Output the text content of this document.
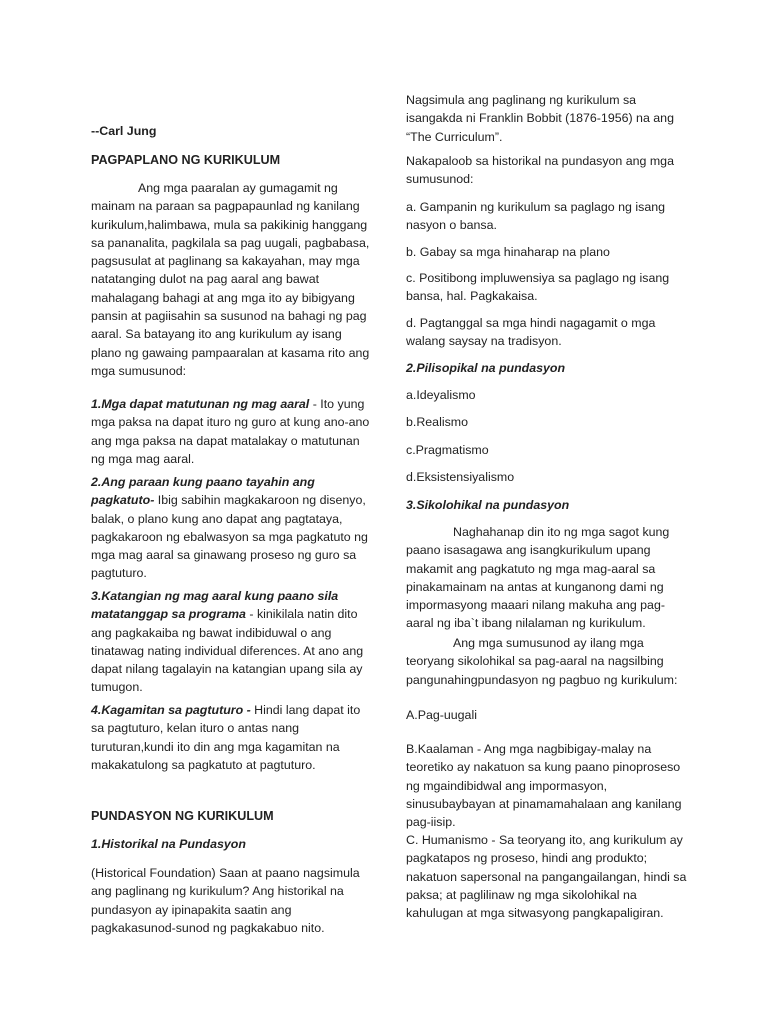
--Carl Jung

PAGPAPLANO NG KURIKULUM

Ang mga paaralan ay gumagamit ng mainam na paraan sa pagpapaunlad ng kanilang kurikulum,halimbawa, mula sa pakikinig hanggang sa pananalita, pagkilala sa pag uugali, pagbabasa, pagsusulat at paglinang sa kakayahan, may mga natatanging dulot na pag aaral ang bawat mahalagang bahagi at ang mga ito ay bibigyang pansin at pagiisahin sa susunod na bahagi ng pag aaral. Sa batayang ito ang kurikulum ay isang plano ng gawaing pampaaralan at kasama rito ang mga sumusunod:

1.Mga dapat matutunan ng mag aaral - Ito yung mga paksa na dapat ituro ng guro at kung ano-ano ang mga paksa na dapat matalakay o matutunan ng mga mag aaral.

2.Ang paraan kung paano tayahin ang pagkatuto- Ibig sabihin magkakaroon ng disenyo, balak, o plano kung ano dapat ang pagtataya, pagkakaroon ng ebalwasyon sa mga pagkatuto ng mga mag aaral sa ginawang proseso ng guro sa pagtuturo.

3.Katangian ng mag aaral kung paano sila matatanggap sa programa - kinikilala natin dito ang pagkakaiba ng bawat indibiduwal o ang tinatawag nating individual diferences. At ano ang dapat nilang tagalayin na katangian upang sila ay tumugon.

4.Kagamitan sa pagtuturo - Hindi lang dapat ito sa pagtuturo, kelan ituro o antas nang turuturan,kundi ito din ang mga kagamitan na makakatulong sa pagkatuto at pagtuturo.

PUNDASYON NG KURIKULUM

1.Historikal na Pundasyon

(Historical Foundation) Saan at paano nagsimula ang paglinang ng kurikulum? Ang historikal na pundasyon ay ipinapakita saatin ang pagkakasunod-sunod ng pagkakabuo nito.

Nagsimula ang paglinang ng kurikulum sa isangakda ni Franklin Bobbit (1876-1956) na ang “The Curriculum”.

Nakapaloob sa historikal na pundasyon ang mga sumusunod:

a. Gampanin ng kurikulum sa paglago ng isang nasyon o bansa.

b. Gabay sa mga hinaharap na plano

c. Positibong impluwensiya sa paglago ng isang bansa, hal. Pagkakaisa.

d. Pagtanggal sa mga hindi nagagamit o mga walang saysay na tradisyon.

2.Pilisopikal na pundasyon

a.Ideyalismo

b.Realismo

c.Pragmatismo

d.Eksistensiyalismo

3.Sikolohikal na pundasyon

Naghahanap din ito ng mga sagot kung paano isasagawa ang isangkurikulum upang makamit ang pagkatuto ng mga mag-aaral sa pinakamainam na antas at kunganong dami ng impormasyong maaari nilang makuha ang pag-aaral ng iba`t ibang nilalaman ng kurikulum.

Ang mga sumusunod ay ilang mga teoryang sikolohikal sa pag-aaral na nagsilbing pangunahingpundasyon ng pagbuo ng kurikulum:

A.Pag-uugali

B.Kaalaman - Ang mga nagbibigay-malay na teoretiko ay nakatuon sa kung paano pinoproseso ng mgaindibidwal ang impormasyon, sinusubaybayan at pinamamahalaan ang kanilang pag-iisip.

C. Humanismo - Sa teoryang ito, ang kurikulum ay pagkatapos ng proseso, hindi ang produkto; nakatuon sapersonal na pangangailangan, hindi sa paksa; at paglilinaw ng mga sikolohikal na kahulugan at mga sitwasyong pangkapaligiran.
